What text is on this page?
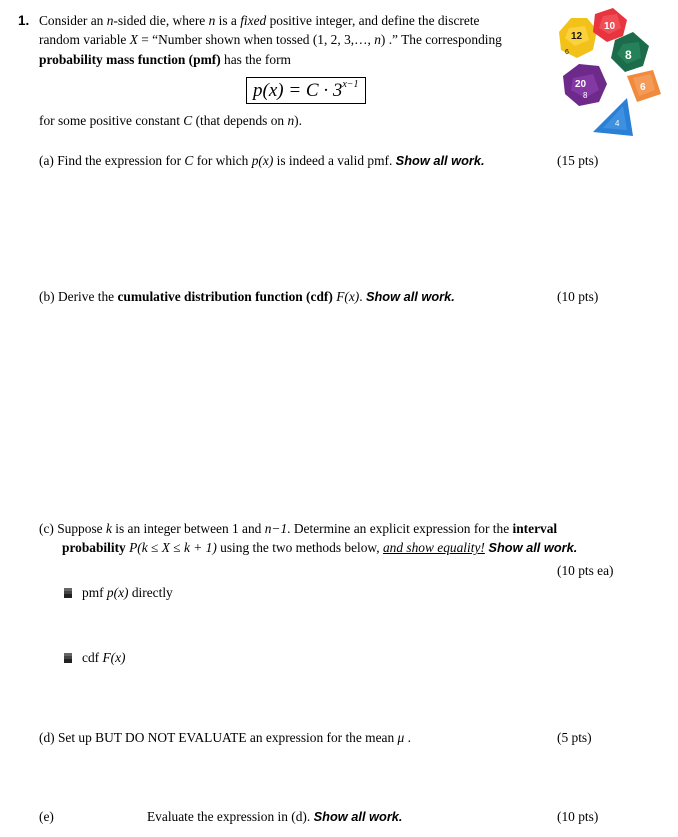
1. Consider an n-sided die, where n is a fixed positive integer, and define the discrete
random variable X = “Number shown when tossed (1, 2, 3,…, n) .” The corresponding
probability mass function (pmf) has the form
$p(x) = C \cdot 3^{x-1}$
for some positive constant C (that depends on n).
12
6
10
8
20
8
6
4
(a) Find the expression for C for which p(x) is indeed a valid pmf. Show all work.	(15 pts)
(b) Derive the cumulative distribution function (cdf) F(x). Show all work.	(10 pts)
(c) Suppose k is an integer between 1 and n−1. Determine an explicit expression for the interval
probability P(k ≤ X ≤ k + 1) using the two methods below, and show equality! Show all work.
(10 pts ea)
pmf p(x) directly
cdf F(x)
(d) Set up BUT DO NOT EVALUATE an expression for the mean μ .	(5 pts)
(e)	Evaluate the expression in (d). Show all work.	(10 pts)
